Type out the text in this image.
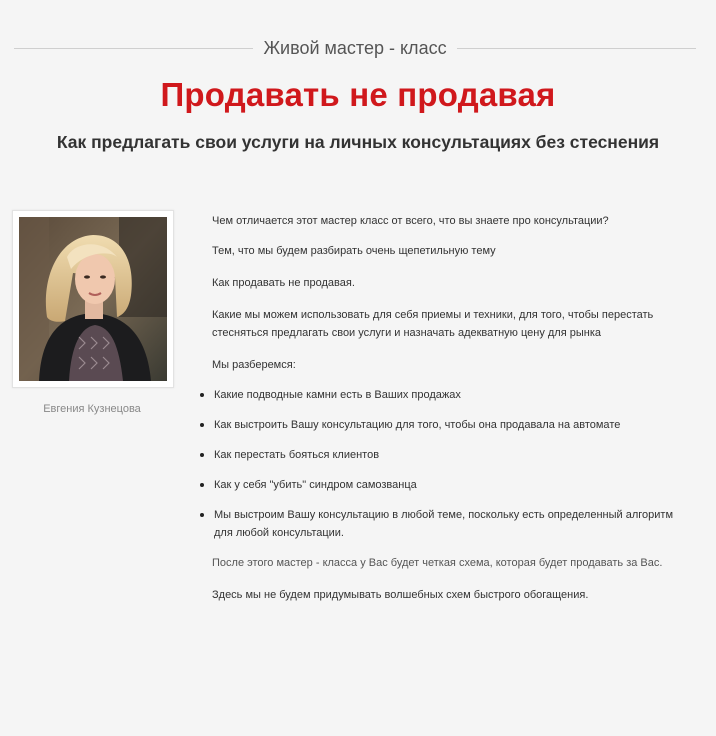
Живой мастер - класс
Продавать не продавая
Как предлагать свои услуги на личных консультациях без стеснения
Евгения Кузнецова

Чем отличается этот мастер класс от всего, что вы знаете про консультации?

Тем, что мы будем разбирать очень щепетильную тему

Как продавать не продавая.

Какие мы можем использовать для себя приемы и техники, для того, чтобы перестать стесняться предлагать свои услуги и назначать адекватную цену для рынка

Мы разберемся:

Какие подводные камни есть в Ваших продажах
Как выстроить Вашу консультацию для того, чтобы она продавала на автомате
Как перестать бояться клиентов
Как у себя "убить" синдром самозванца
Мы выстроим Вашу консультацию в любой теме, поскольку есть определенный алгоритм для любой консультации.

После этого мастер - класса у Вас будет четкая схема, которая будет продавать за Вас.

Здесь мы не будем придумывать волшебных схем быстрого обогащения.
